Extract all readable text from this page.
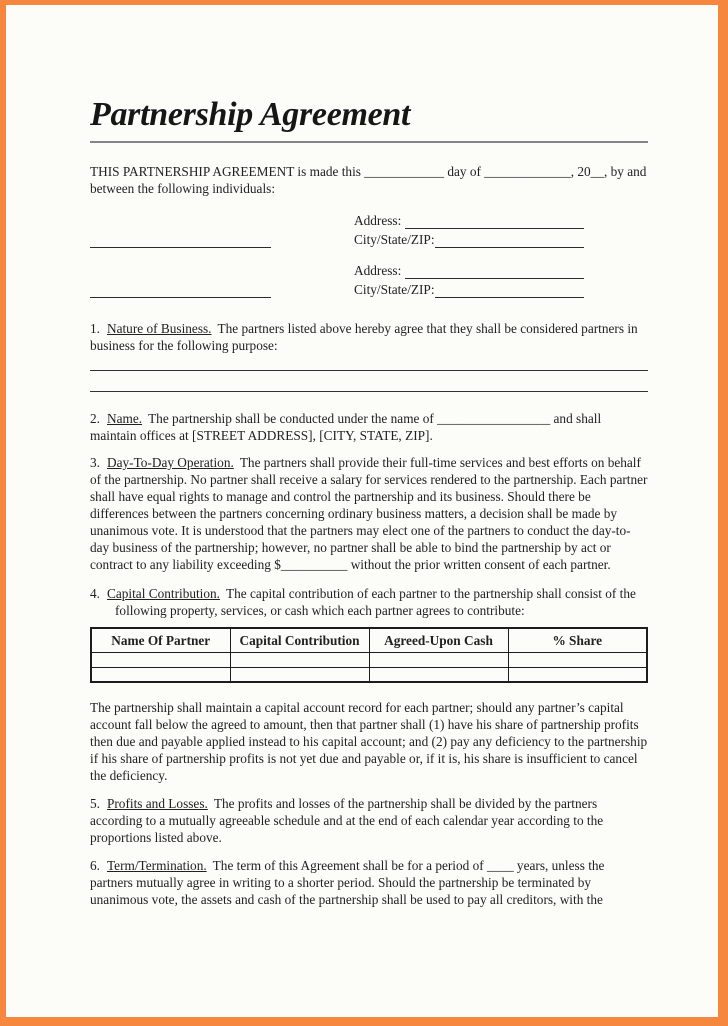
Partnership Agreement

THIS PARTNERSHIP AGREEMENT is made this ____________ day of _____________, 20__, by and between the following individuals:

Address:
City/State/ZIP:
Address:
City/State/ZIP:

1. Nature of Business. The partners listed above hereby agree that they shall be considered partners in business for the following purpose:

2. Name. The partnership shall be conducted under the name of _________________ and shall maintain offices at [STREET ADDRESS], [CITY, STATE, ZIP].

3. Day-To-Day Operation. The partners shall provide their full-time services and best efforts on behalf of the partnership. No partner shall receive a salary for services rendered to the partnership. Each partner shall have equal rights to manage and control the partnership and its business. Should there be differences between the partners concerning ordinary business matters, a decision shall be made by unanimous vote. It is understood that the partners may elect one of the partners to conduct the day-to-day business of the partnership; however, no partner shall be able to bind the partnership by act or contract to any liability exceeding $__________ without the prior written consent of each partner.

4. Capital Contribution. The capital contribution of each partner to the partnership shall consist of the following property, services, or cash which each partner agrees to contribute:

Name Of Partner	Capital Contribution	Agreed-Upon Cash	% Share

The partnership shall maintain a capital account record for each partner; should any partner’s capital account fall below the agreed to amount, then that partner shall (1) have his share of partnership profits then due and payable applied instead to his capital account; and (2) pay any deficiency to the partnership if his share of partnership profits is not yet due and payable or, if it is, his share is insufficient to cancel the deficiency.

5. Profits and Losses. The profits and losses of the partnership shall be divided by the partners according to a mutually agreeable schedule and at the end of each calendar year according to the proportions listed above.

6. Term/Termination. The term of this Agreement shall be for a period of ____ years, unless the partners mutually agree in writing to a shorter period. Should the partnership be terminated by unanimous vote, the assets and cash of the partnership shall be used to pay all creditors, with the
